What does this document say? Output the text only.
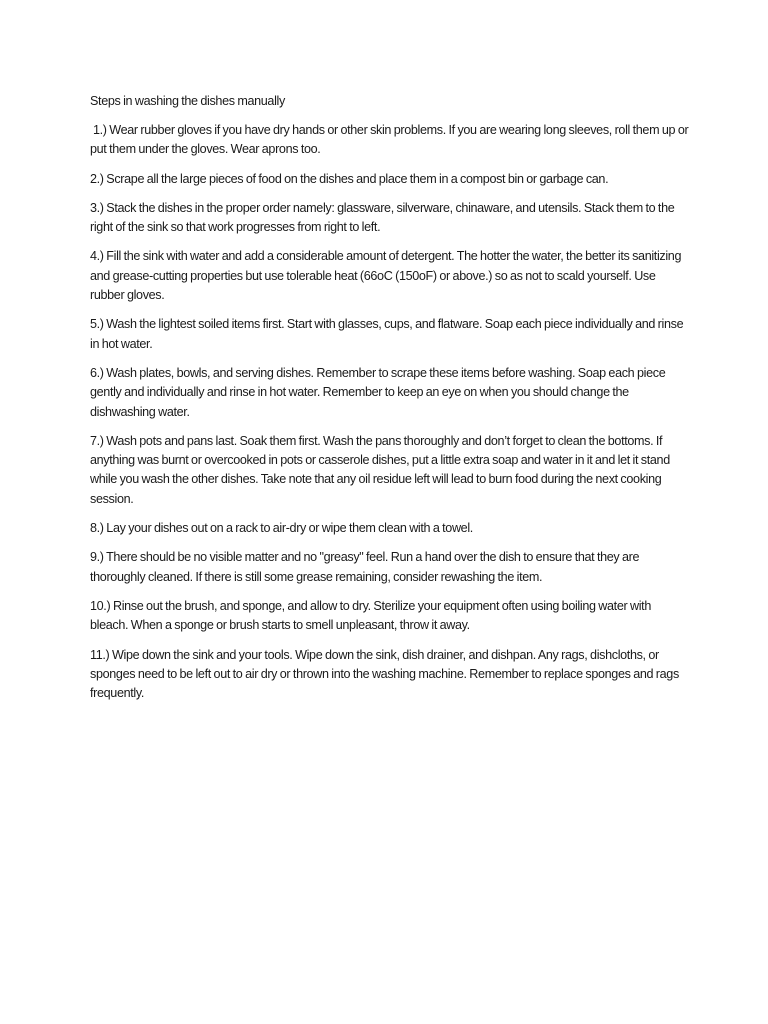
Steps in washing the dishes manually

1.) Wear rubber gloves if you have dry hands or other skin problems. If you are wearing long sleeves, roll them up or put them under the gloves. Wear aprons too.

2.) Scrape all the large pieces of food on the dishes and place them in a compost bin or garbage can.

3.) Stack the dishes in the proper order namely: glassware, silverware, chinaware, and utensils. Stack them to the right of the sink so that work progresses from right to left.

4.) Fill the sink with water and add a considerable amount of detergent. The hotter the water, the better its sanitizing and grease-cutting properties but use tolerable heat (66oC (150oF) or above.) so as not to scald yourself. Use rubber gloves.

5.) Wash the lightest soiled items first. Start with glasses, cups, and flatware. Soap each piece individually and rinse in hot water.

6.) Wash plates, bowls, and serving dishes. Remember to scrape these items before washing. Soap each piece gently and individually and rinse in hot water. Remember to keep an eye on when you should change the dishwashing water.

7.) Wash pots and pans last. Soak them first. Wash the pans thoroughly and don’t forget to clean the bottoms. If anything was burnt or overcooked in pots or casserole dishes, put a little extra soap and water in it and let it stand while you wash the other dishes. Take note that any oil residue left will lead to burn food during the next cooking session.

8.) Lay your dishes out on a rack to air-dry or wipe them clean with a towel.

9.) There should be no visible matter and no "greasy" feel. Run a hand over the dish to ensure that they are thoroughly cleaned. If there is still some grease remaining, consider rewashing the item.

10.) Rinse out the brush, and sponge, and allow to dry. Sterilize your equipment often using boiling water with bleach. When a sponge or brush starts to smell unpleasant, throw it away.

11.) Wipe down the sink and your tools. Wipe down the sink, dish drainer, and dishpan. Any rags, dishcloths, or sponges need to be left out to air dry or thrown into the washing machine. Remember to replace sponges and rags frequently.
